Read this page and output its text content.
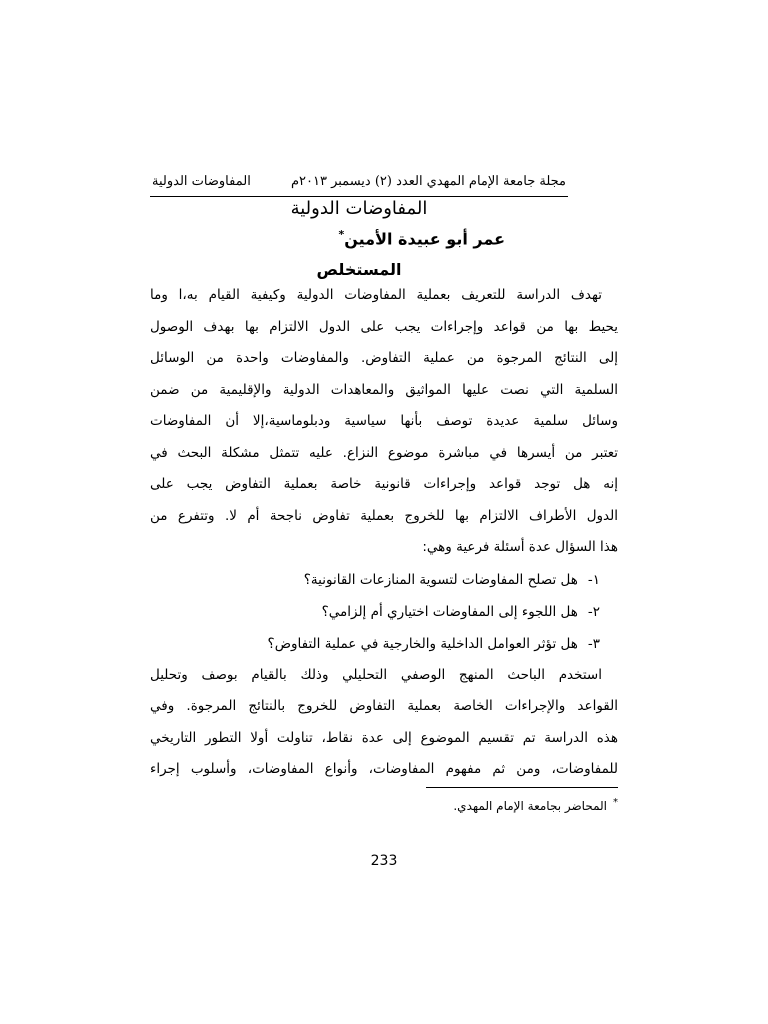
مجلة جامعة الإمام المهدي العدد (٢) ديسمبر ٢٠١٣م
المفاوضات الدولية
المفاوضات الدولية
عمر أبو عبيدة الأمين*
المستخلص
تهدف الدراسة للتعريف بعملية المفاوضات الدولية وكيفية القيام به،ا وما
يحيط بها من قواعد وإجراءات يجب على الدول الالتزام بها بهدف الوصول
إلى النتائج المرجوة من عملية التفاوض. والمفاوضات واحدة من الوسائل
السلمية التي نصت عليها المواثيق والمعاهدات الدولية والإقليمية من ضمن
وسائل سلمية عديدة توصف بأنها سياسية ودبلوماسية،إلا أن المفاوضات
تعتبر من أيسرها في مباشرة موضوع النزاع. عليه تتمثل مشكلة البحث في
إنه هل توجد قواعد وإجراءات قانونية خاصة بعملية التفاوض يجب على
الدول الأطراف الالتزام بها للخروج بعملية تفاوض ناجحة أم لا. وتتفرع من
هذا السؤال عدة أسئلة فرعية وهي:
١-هل تصلح المفاوضات لتسوية المنازعات القانونية؟
٢-هل اللجوء إلى المفاوضات اختياري أم إلزامي؟
٣-هل تؤثر العوامل الداخلية والخارجية في عملية التفاوض؟
استخدم الباحث المنهج الوصفي التحليلي وذلك بالقيام بوصف وتحليل
القواعد والإجراءات الخاصة بعملية التفاوض للخروج بالنتائج المرجوة. وفي
هذه الدراسة تم تقسيم الموضوع إلى عدة نقاط، تناولت أولا التطور التاريخي
للمفاوضات، ومن ثم مفهوم المفاوضات، وأنواع المفاوضات، وأسلوب إجراء
*المحاضر بجامعة الإمام المهدي.
233
